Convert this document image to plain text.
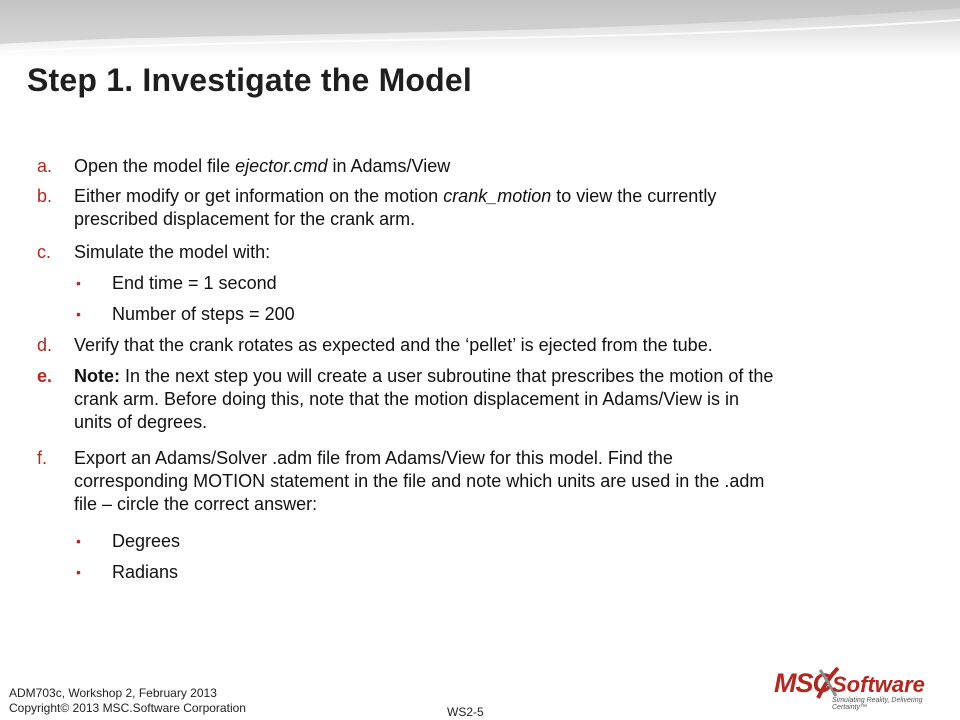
Step 1. Investigate the Model
a. Open the model file ejector.cmd in Adams/View
b. Either modify or get information on the motion crank_motion to view the currently
prescribed displacement for the crank arm.
c. Simulate the model with:
• End time = 1 second
• Number of steps = 200
d. Verify that the crank rotates as expected and the ‘pellet’ is ejected from the tube.
e. Note: In the next step you will create a user subroutine that prescribes the motion of the
crank arm. Before doing this, note that the motion displacement in Adams/View is in
units of degrees.
f. Export an Adams/Solver .adm file from Adams/View for this model. Find the
corresponding MOTION statement in the file and note which units are used in the .adm
file – circle the correct answer:
• Degrees
• Radians
ADM703c, Workshop 2, February 2013
Copyright© 2013 MSC.Software Corporation	WS2-5
MSC Software
Simulating Reality, Delivering Certainty™
